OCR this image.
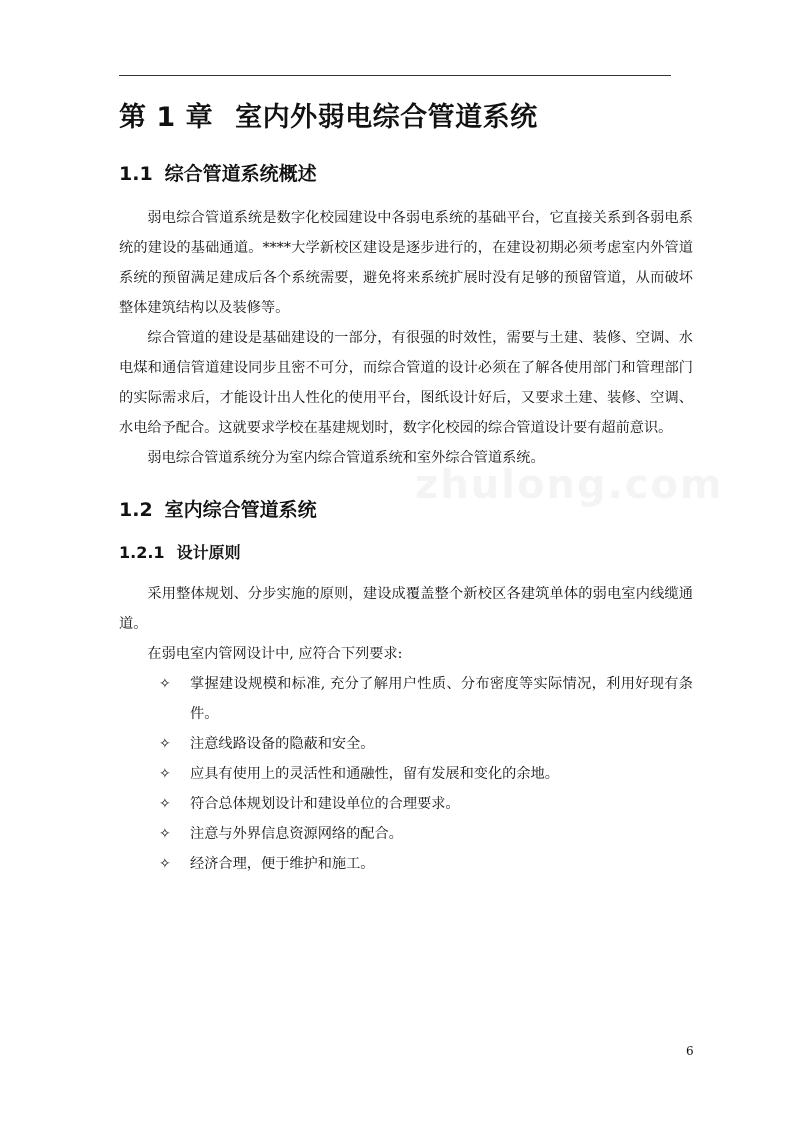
zhulong.com
第 1 章 室内外弱电综合管道系统
1.1 综合管道系统概述

弱电综合管道系统是数字化校园建设中各弱电系统的基础平台，它直接关系到各弱电系统的建设的基础通道。****大学新校区建设是逐步进行的，在建设初期必须考虑室内外管道系统的预留满足建成后各个系统需要，避免将来系统扩展时没有足够的预留管道，从而破坏整体建筑结构以及装修等。

综合管道的建设是基础建设的一部分，有很强的时效性，需要与土建、装修、空调、水电煤和通信管道建设同步且密不可分，而综合管道的设计必须在了解各使用部门和管理部门的实际需求后，才能设计出人性化的使用平台，图纸设计好后，又要求土建、装修、空调、水电给予配合。这就要求学校在基建规划时，数字化校园的综合管道设计要有超前意识。

弱电综合管道系统分为室内综合管道系统和室外综合管道系统。

1.2 室内综合管道系统
1.2.1 设计原则

采用整体规划、分步实施的原则，建设成覆盖整个新校区各建筑单体的弱电室内线缆通道。

在弱电室内管网设计中, 应符合下列要求:

✧ 掌握建设规模和标准, 充分了解用户性质、分布密度等实际情况，利用好现有条件。
✧ 注意线路设备的隐蔽和安全。
✧ 应具有使用上的灵活性和通融性，留有发展和变化的余地。
✧ 符合总体规划设计和建设单位的合理要求。
✧ 注意与外界信息资源网络的配合。
✧ 经济合理，便于维护和施工。
6
